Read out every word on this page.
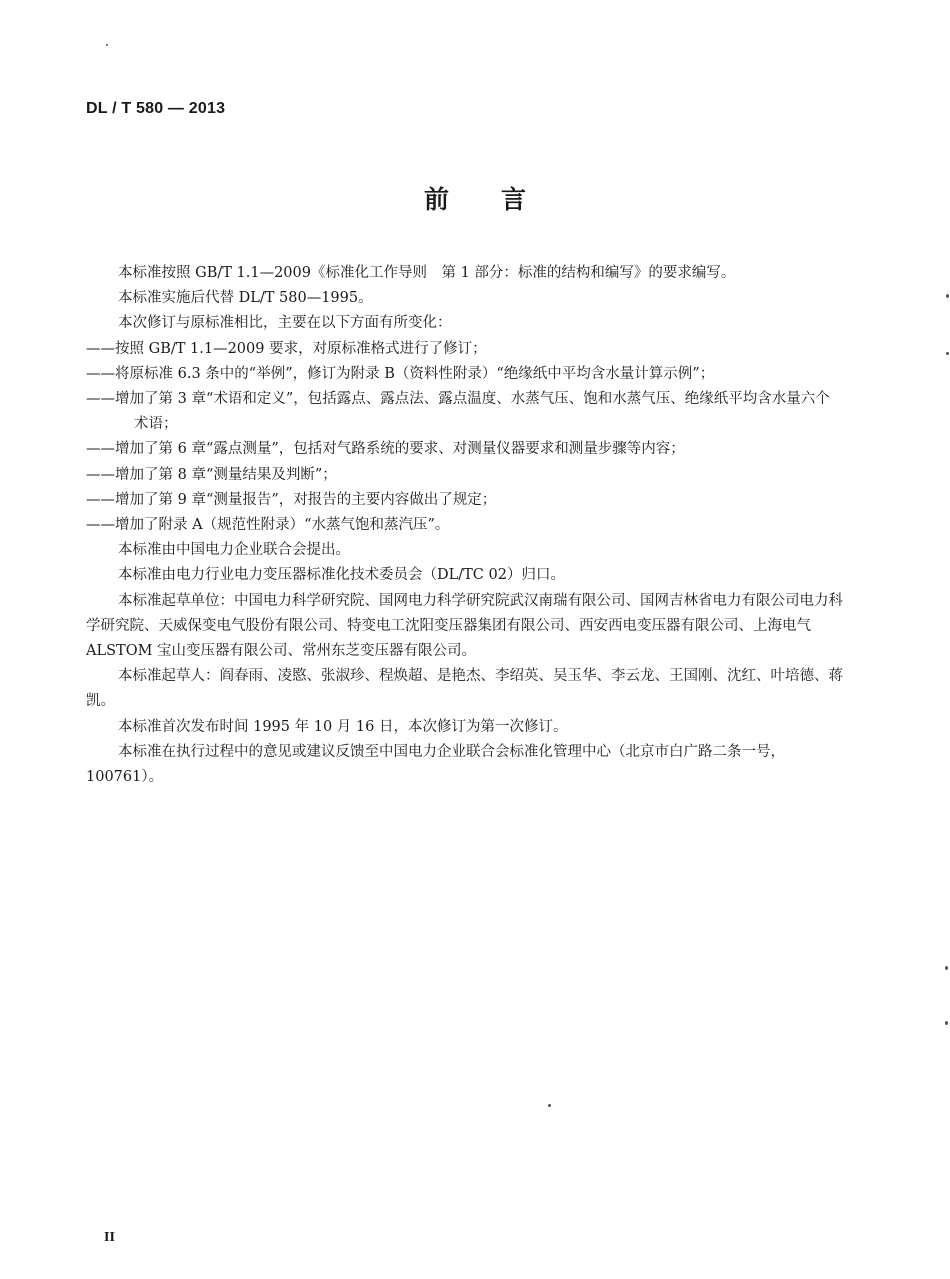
DL / T 580 — 2013
前 言

本标准按照 GB/T 1.1—2009《标准化工作导则　第 1 部分：标准的结构和编写》的要求编写。

本标准实施后代替 DL/T 580—1995。

本次修订与原标准相比，主要在以下方面有所变化：

——按照 GB/T 1.1—2009 要求，对原标准格式进行了修订；

——将原标准 6.3 条中的“举例”，修订为附录 B（资料性附录）“绝缘纸中平均含水量计算示例”；

——增加了第 3 章“术语和定义”，包括露点、露点法、露点温度、水蒸气压、饱和水蒸气压、绝缘纸平均含水量六个术语；

——增加了第 6 章“露点测量”，包括对气路系统的要求、对测量仪器要求和测量步骤等内容；

——增加了第 8 章“测量结果及判断”；

——增加了第 9 章“测量报告”，对报告的主要内容做出了规定；

——增加了附录 A（规范性附录）“水蒸气饱和蒸汽压”。

本标准由中国电力企业联合会提出。

本标准由电力行业电力变压器标准化技术委员会（DL/TC 02）归口。

本标准起草单位：中国电力科学研究院、国网电力科学研究院武汉南瑞有限公司、国网吉林省电力有限公司电力科学研究院、天威保变电气股份有限公司、特变电工沈阳变压器集团有限公司、西安西电变压器有限公司、上海电气 ALSTOM 宝山变压器有限公司、常州东芝变压器有限公司。

本标准起草人：阎春雨、凌愍、张淑珍、程焕超、是艳杰、李绍英、吴玉华、李云龙、王国刚、沈红、叶培德、蒋凯。

本标准首次发布时间 1995 年 10 月 16 日，本次修订为第一次修订。

本标准在执行过程中的意见或建议反馈至中国电力企业联合会标准化管理中心（北京市白广路二条一号，100761）。

II
